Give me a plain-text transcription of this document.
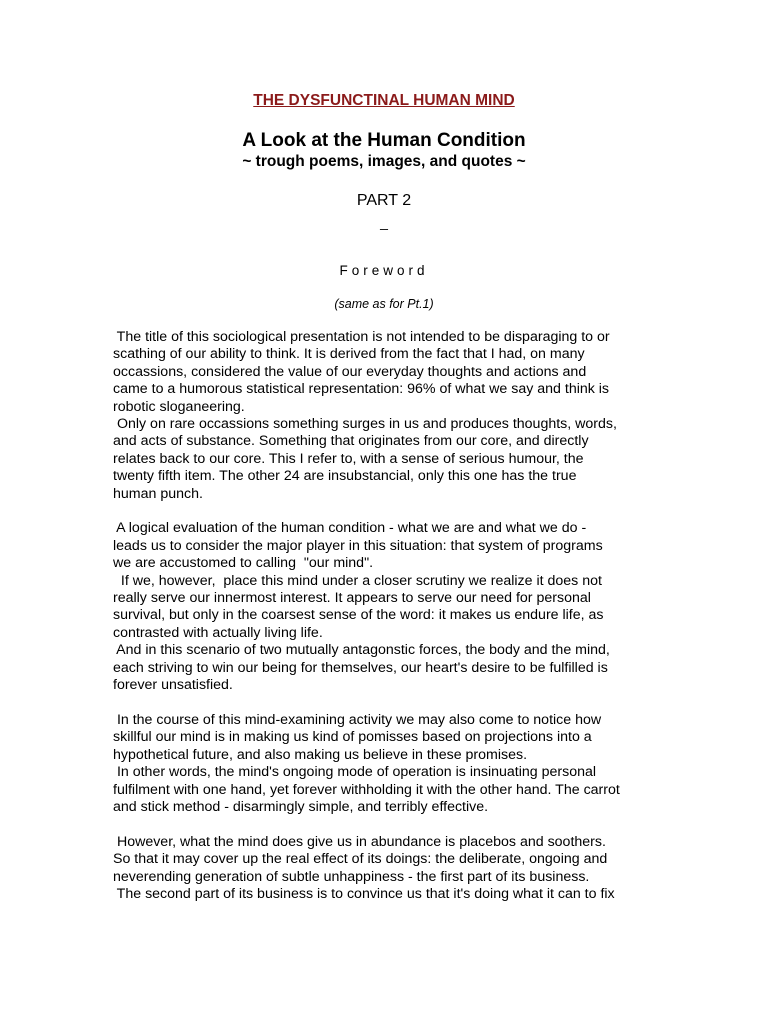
THE DYSFUNCTINAL HUMAN MIND
A Look at the Human Condition
~ trough poems, images, and quotes ~
PART 2
_
Foreword
(same as for Pt.1)
The title of this sociological presentation is not intended to be disparaging to or
scathing of our ability to think. It is derived from the fact that I had, on many
occassions, considered the value of our everyday thoughts and actions and
came to a humorous statistical representation: 96% of what we say and think is
robotic sloganeering.
Only on rare occassions something surges in us and produces thoughts, words,
and acts of substance. Something that originates from our core, and directly
relates back to our core. This I refer to, with a sense of serious humour, the
twenty fifth item. The other 24 are insubstancial, only this one has the true
human punch.
A logical evaluation of the human condition - what we are and what we do -
leads us to consider the major player in this situation: that system of programs
we are accustomed to calling  "our mind".
If we, however,  place this mind under a closer scrutiny we realize it does not
really serve our innermost interest. It appears to serve our need for personal
survival, but only in the coarsest sense of the word: it makes us endure life, as
contrasted with actually living life.
And in this scenario of two mutually antagonstic forces, the body and the mind,
each striving to win our being for themselves, our heart's desire to be fulfilled is
forever unsatisfied.
In the course of this mind-examining activity we may also come to notice how
skillful our mind is in making us kind of pomisses based on projections into a
hypothetical future, and also making us believe in these promises.
In other words, the mind's ongoing mode of operation is insinuating personal
fulfilment with one hand, yet forever withholding it with the other hand. The carrot
and stick method - disarmingly simple, and terribly effective.
However, what the mind does give us in abundance is placebos and soothers.
So that it may cover up the real effect of its doings: the deliberate, ongoing and
neverending generation of subtle unhappiness - the first part of its business.
The second part of its business is to convince us that it's doing what it can to fix
